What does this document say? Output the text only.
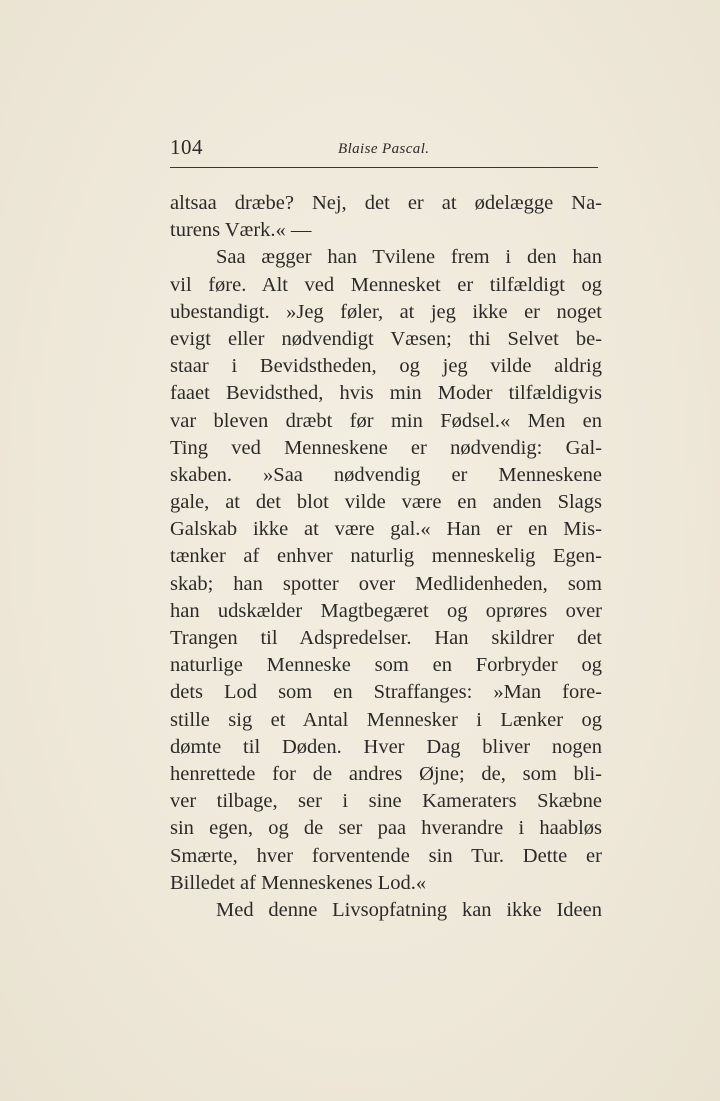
104	Blaise Pascal.
altsaa dræbe? Nej, det er at ødelægge Na-
turens Værk.« —
Saa ægger han Tvilene frem i den han
vil føre. Alt ved Mennesket er tilfældigt og
ubestandigt. »Jeg føler, at jeg ikke er noget
evigt eller nødvendigt Væsen; thi Selvet be-
staar i Bevidstheden, og jeg vilde aldrig
faaet Bevidsthed, hvis min Moder tilfældigvis
var bleven dræbt før min Fødsel.« Men en
Ting ved Menneskene er nødvendig: Gal-
skaben. »Saa nødvendig er Menneskene
gale, at det blot vilde være en anden Slags
Galskab ikke at være gal.« Han er en Mis-
tænker af enhver naturlig menneskelig Egen-
skab; han spotter over Medlidenheden, som
han udskælder Magtbegæret og oprøres over
Trangen til Adspredelser. Han skildrer det
naturlige Menneske som en Forbryder og
dets Lod som en Straffanges: »Man fore-
stille sig et Antal Mennesker i Lænker og
dømte til Døden. Hver Dag bliver nogen
henrettede for de andres Øjne; de, som bli-
ver tilbage, ser i sine Kameraters Skæbne
sin egen, og de ser paa hverandre i haabløs
Smærte, hver forventende sin Tur. Dette er
Billedet af Menneskenes Lod.«
Med denne Livsopfatning kan ikke Ideen
